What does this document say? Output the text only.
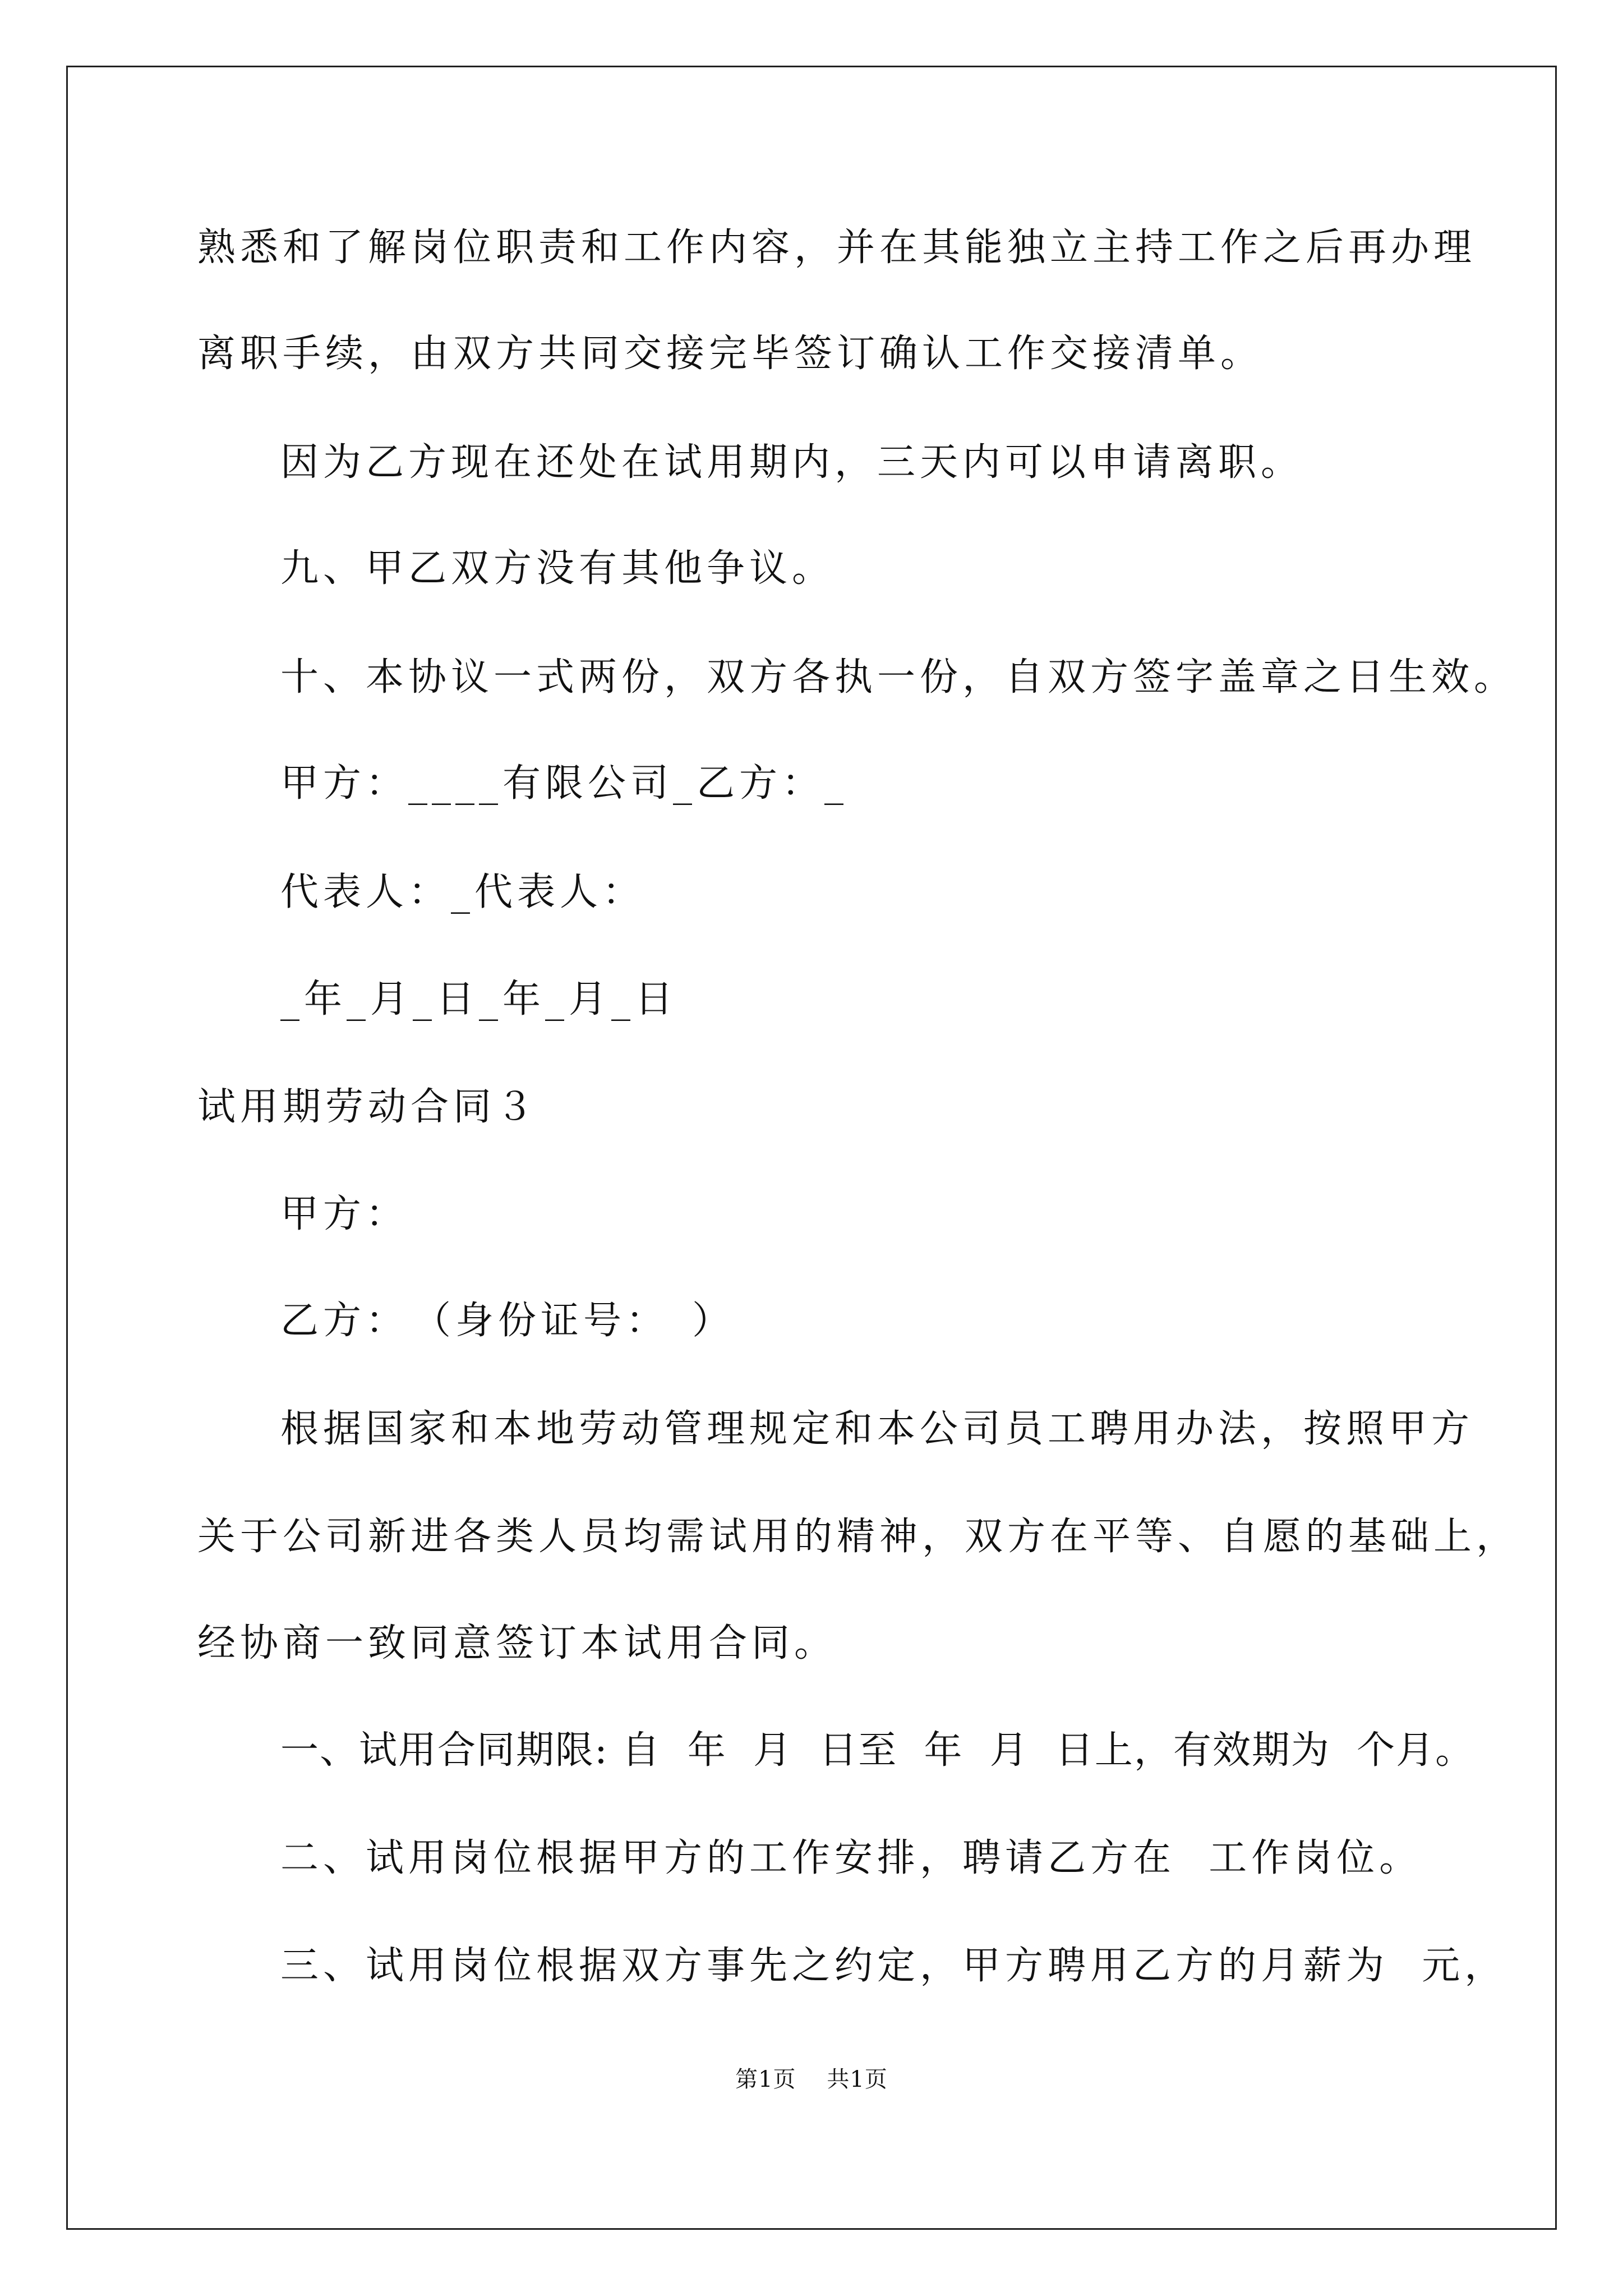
熟悉和了解岗位职责和工作内容，并在其能独立主持工作之后再办理
离职手续，由双方共同交接完毕签订确认工作交接清单。
因为乙方现在还处在试用期内，三天内可以申请离职。
九、甲乙双方没有其他争议。
十、本协议一式两份，双方各执一份，自双方签字盖章之日生效。
甲方：____有限公司_乙方：_
代表人：_代表人：
_年_月_日_年_月_日
试用期劳动合同３
甲方：
乙方：　（身份证号：　）
根据国家和本地劳动管理规定和本公司员工聘用办法，按照甲方
关于公司新进各类人员均需试用的精神，双方在平等、自愿的基础上，
经协商一致同意签订本试用合同。
一、试用合同期限: 自  年  月  日至  年  月  日上，有效期为  个月。
二、试用岗位根据甲方的工作安排，聘请乙方在  工作岗位。
三、试用岗位根据双方事先之约定，甲方聘用乙方的月薪为  元，
第1页    共1页
